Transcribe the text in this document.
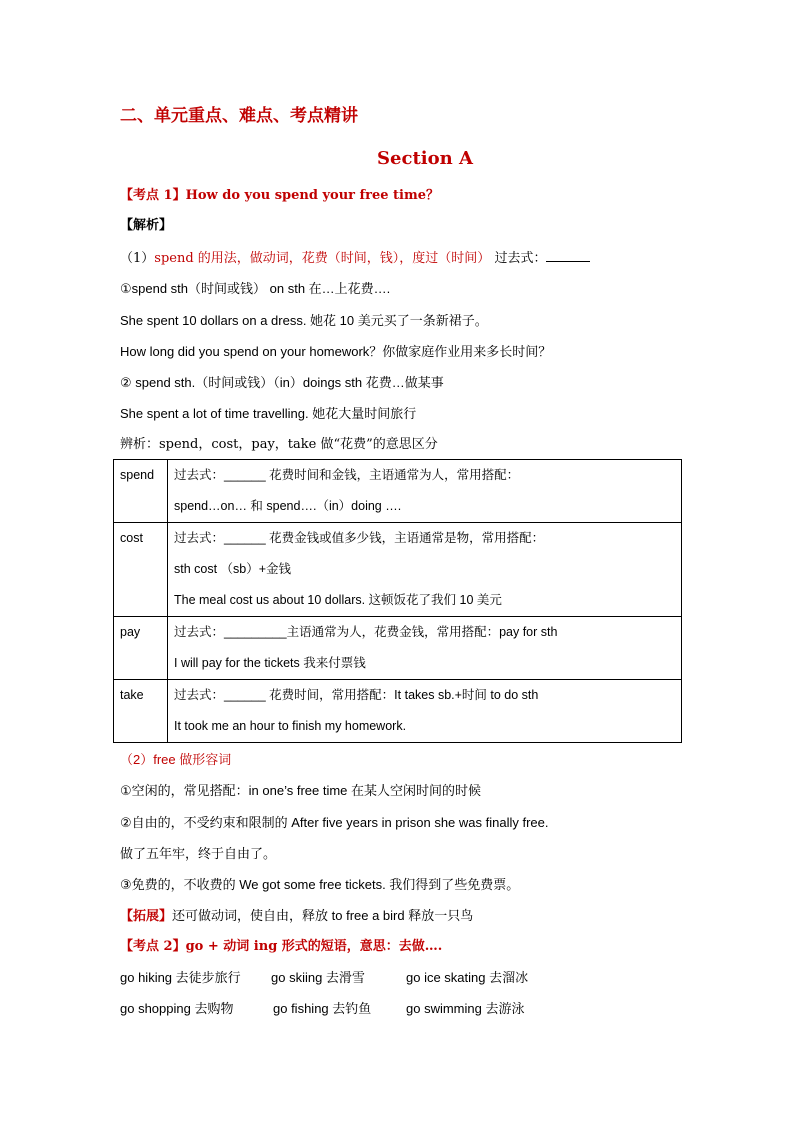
二、单元重点、难点、考点精讲
Section A
【考点 1】How do you spend your free time？
【解析】
（1）spend 的用法，做动词，花费（时间，钱），度过（时间） 过去式：
①spend sth（时间或钱） on sth 在…上花费….
She spent 10 dollars on a dress. 她花 10 美元买了一条新裙子。
How long did you spend on your homework？你做家庭作业用来多长时间？
② spend sth.（时间或钱）（in）doings sth 花费…做某事
She spent a lot of time travelling. 她花大量时间旅行
辨析：spend，cost，pay，take 做“花费”的意思区分
spend	过去式：______ 花费时间和金钱，主语通常为人，常用搭配：
spend…on… 和 spend….（in）doing ….

cost	过去式：______ 花费金钱或值多少钱，主语通常是物，常用搭配：
sth cost （sb）+金钱
The meal cost us about 10 dollars. 这顿饭花了我们 10 美元

pay	过去式：_________主语通常为人，花费金钱，常用搭配：pay for sth
I will pay for the tickets 我来付票钱

take	过去式：______ 花费时间，常用搭配：It takes sb.+时间 to do sth
It took me an hour to finish my homework.
（2）free 做形容词
①空闲的，常见搭配：in one’s free time 在某人空闲时间的时候
②自由的，不受约束和限制的 After five years in prison she was finally free.
做了五年牢，终于自由了。
③免费的，不收费的 We got some free tickets. 我们得到了些免费票。
【拓展】还可做动词，使自由，释放 to free a bird 释放一只鸟
【考点 2】go + 动词 ing 形式的短语，意思：去做….
go hiking 去徒步旅行 go skiing 去滑雪	go ice skating 去溜冰
go shopping 去购物	go fishing 去钓鱼	go swimming 去游泳
